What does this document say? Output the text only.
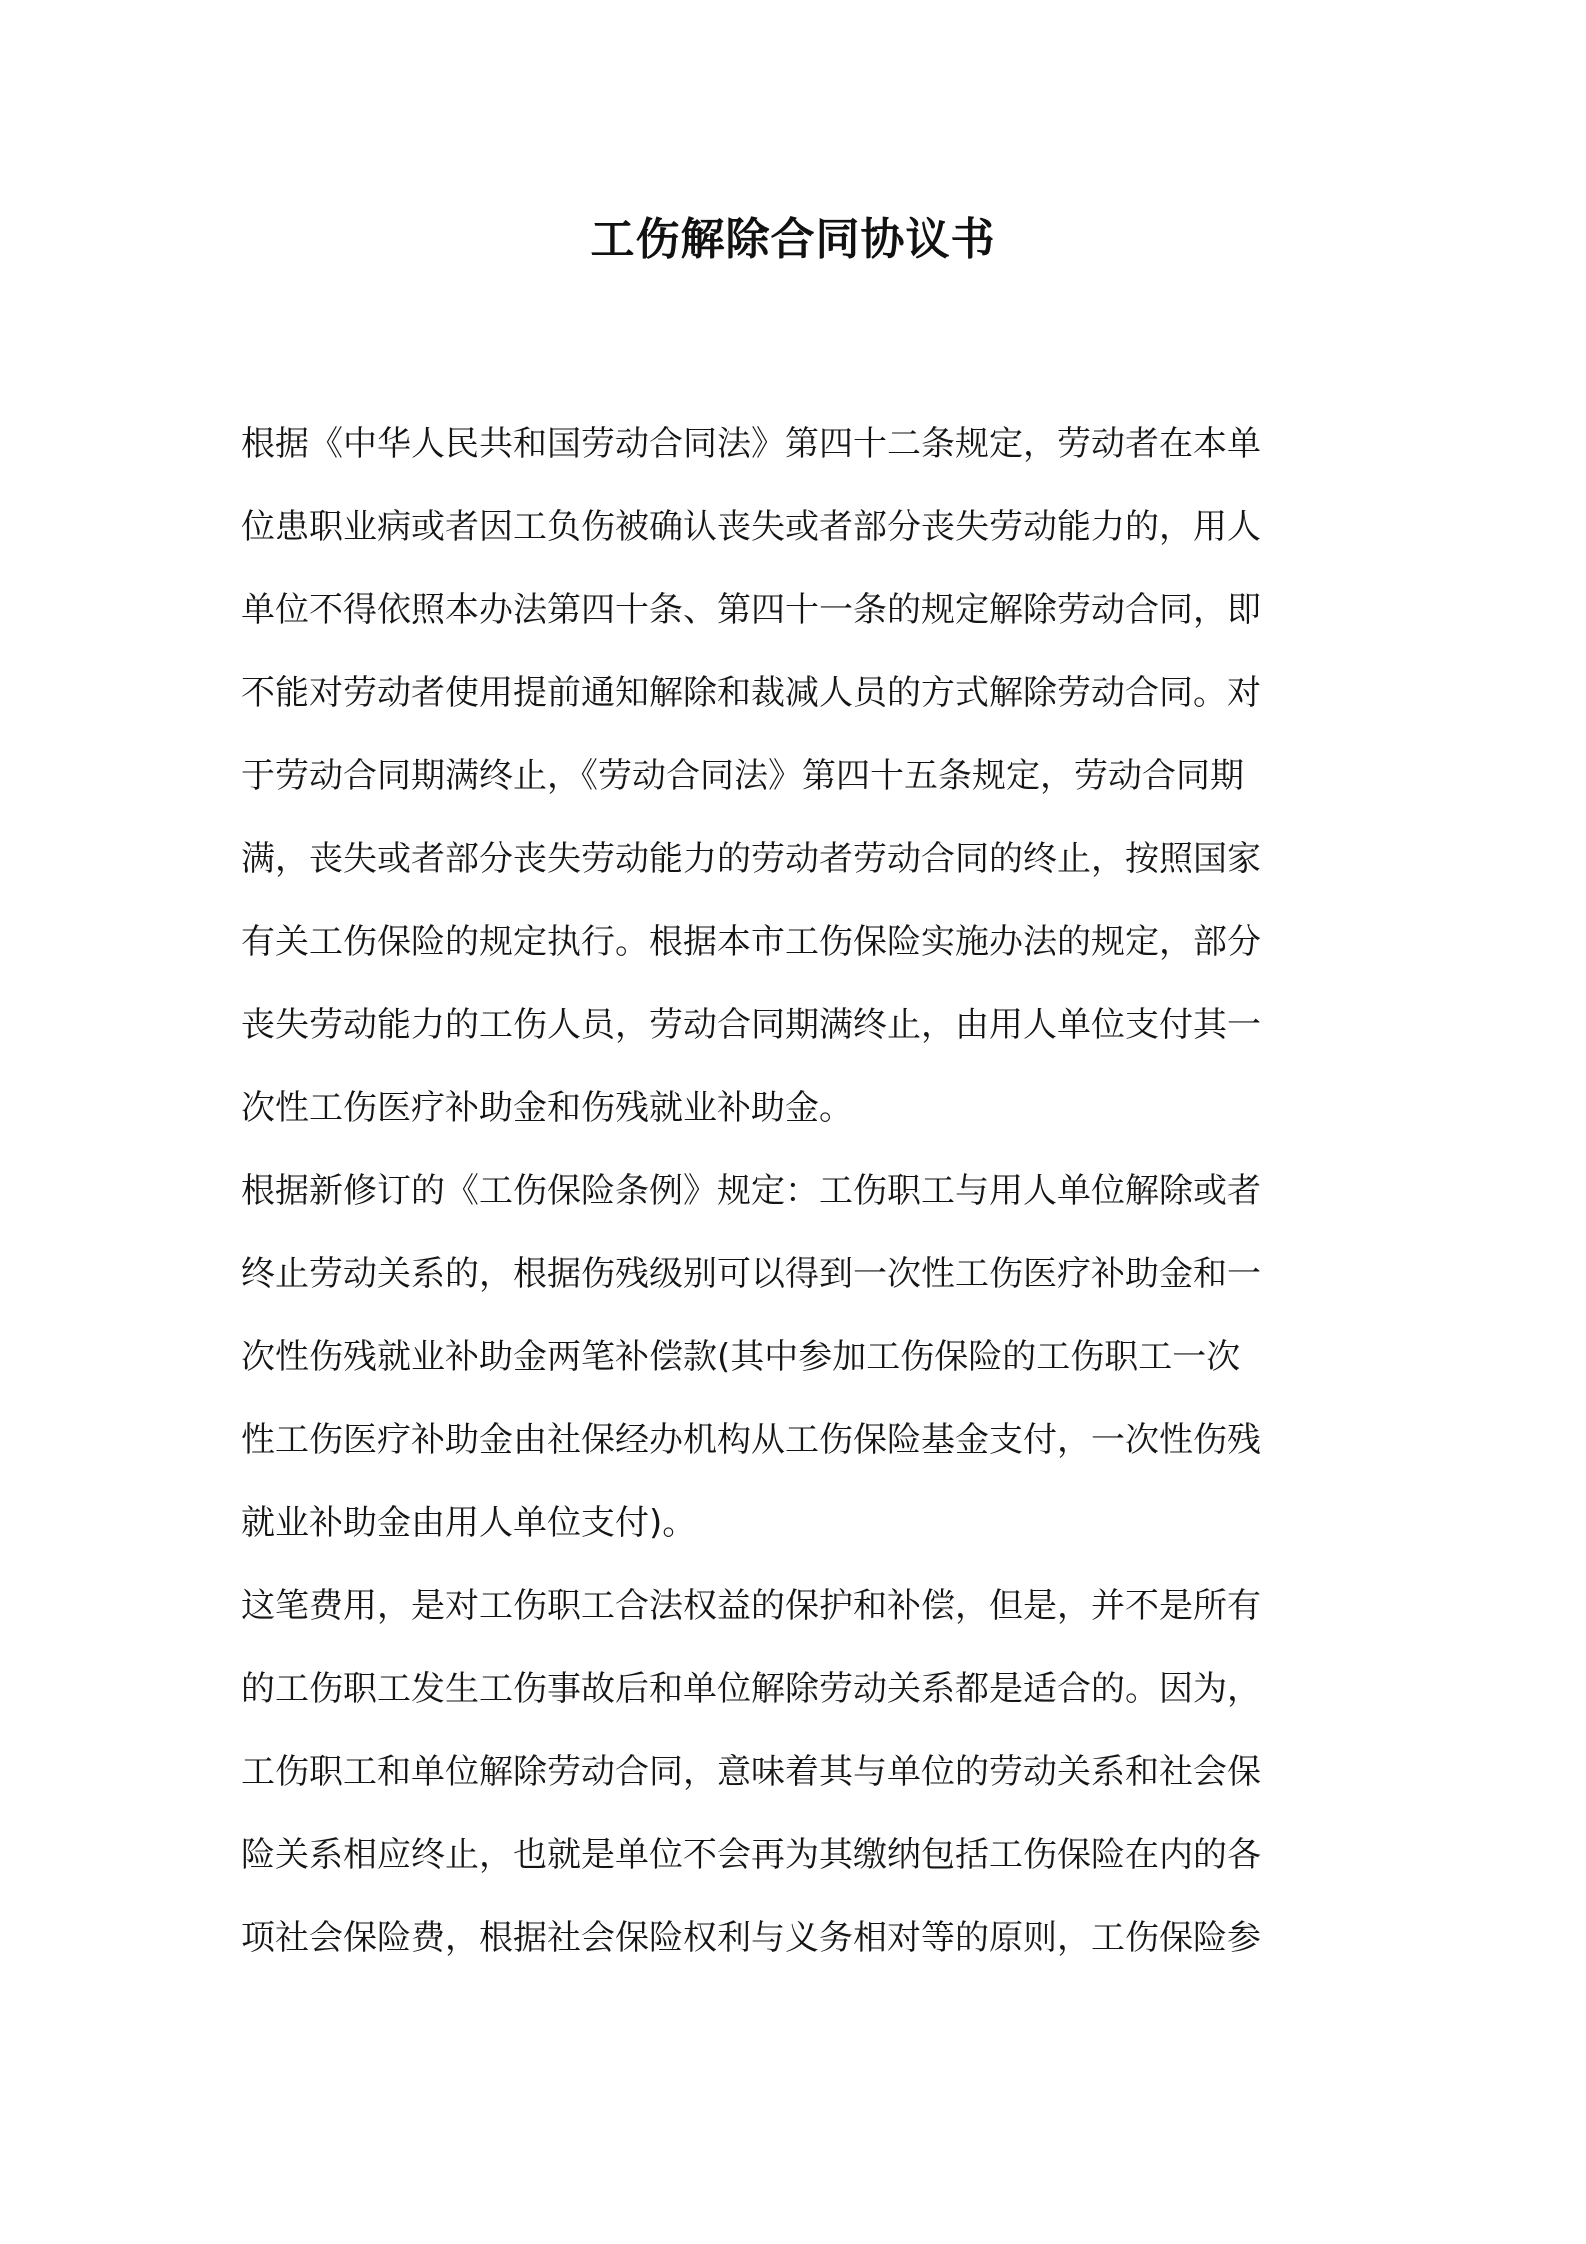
工伤解除合同协议书

根据《中华人民共和国劳动合同法》第四十二条规定，劳动者在本单
位患职业病或者因工负伤被确认丧失或者部分丧失劳动能力的，用人
单位不得依照本办法第四十条、第四十一条的规定解除劳动合同，即
不能对劳动者使用提前通知解除和裁减人员的方式解除劳动合同。对
于劳动合同期满终止，《劳动合同法》第四十五条规定，劳动合同期
满，丧失或者部分丧失劳动能力的劳动者劳动合同的终止，按照国家
有关工伤保险的规定执行。根据本市工伤保险实施办法的规定，部分
丧失劳动能力的工伤人员，劳动合同期满终止，由用人单位支付其一
次性工伤医疗补助金和伤残就业补助金。

根据新修订的《工伤保险条例》规定：工伤职工与用人单位解除或者
终止劳动关系的，根据伤残级别可以得到一次性工伤医疗补助金和一
次性伤残就业补助金两笔补偿款(其中参加工伤保险的工伤职工一次
性工伤医疗补助金由社保经办机构从工伤保险基金支付，一次性伤残
就业补助金由用人单位支付)。

这笔费用，是对工伤职工合法权益的保护和补偿，但是，并不是所有
的工伤职工发生工伤事故后和单位解除劳动关系都是适合的。因为，
工伤职工和单位解除劳动合同，意味着其与单位的劳动关系和社会保
险关系相应终止，也就是单位不会再为其缴纳包括工伤保险在内的各
项社会保险费，根据社会保险权利与义务相对等的原则，工伤保险参
